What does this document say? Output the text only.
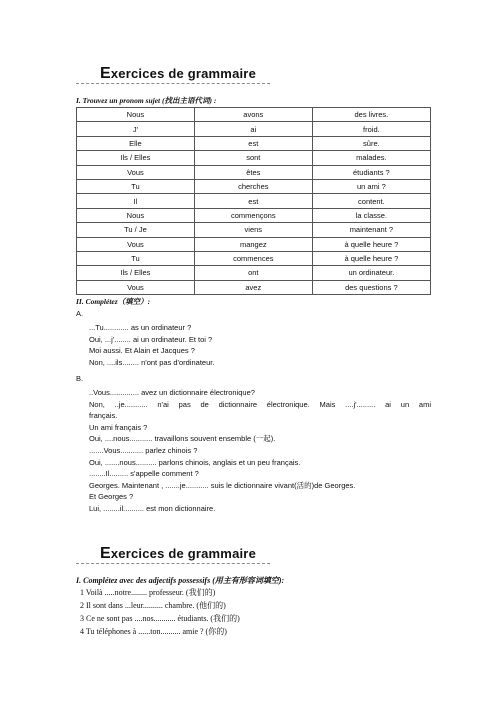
Exercices de grammaire
I. Trouvez un pronom sujet (找出主语代词) :
Nous	avons	des livres.
J'	ai	froid.
Elle	est	sûre.
Ils / Elles	sont	malades.
Vous	êtes	étudiants ?
Tu	cherches	un ami ?
Il	est	content.
Nous	commençons	la classe.
Tu / Je	viens	maintenant ?
Vous	mangez	à quelle heure ?
Tu	commences	à quelle heure ?
Ils / Elles	ont	un ordinateur.
Vous	avez	des questions ?
II. Complétez（填空）:
A.
...Tu............ as un ordinateur ?
Oui, ...j'........ ai un ordinateur. Et toi ?
Moi aussi. Et Alain et Jacques ?
Non, ....ils........ n'ont pas d'ordinateur.
B.
..Vous.............. avez un dictionnaire électronique?
Non, ..je........... n'ai pas de dictionnaire électronique. Mais ....j'......... ai un ami
français.
Un ami français ?
Oui, ....nous........... travaillons souvent ensemble (一起).
.......Vous........... parlez chinois ?
Oui, .......nous.......... parlons chinois, anglais et un peu français.
........Il......... s'appelle comment ?
Georges. Maintenant , .......je........... suis le dictionnaire vivant(活的)de Georges.
Et Georges ?
Lui, ........il.......... est mon dictionnaire.
Exercices de grammaire
I. Complétez avec des adjectifs possessifs (用主有形容词填空):
1 Voilà .....notre........ professeur. (我们的)
2 Il sont dans ...leur.......... chambre. (他们的)
3 Ce ne sont pas ....nos........... étudiants. (我们的)
4 Tu téléphones à ......ton.......... amie ? (你的)
